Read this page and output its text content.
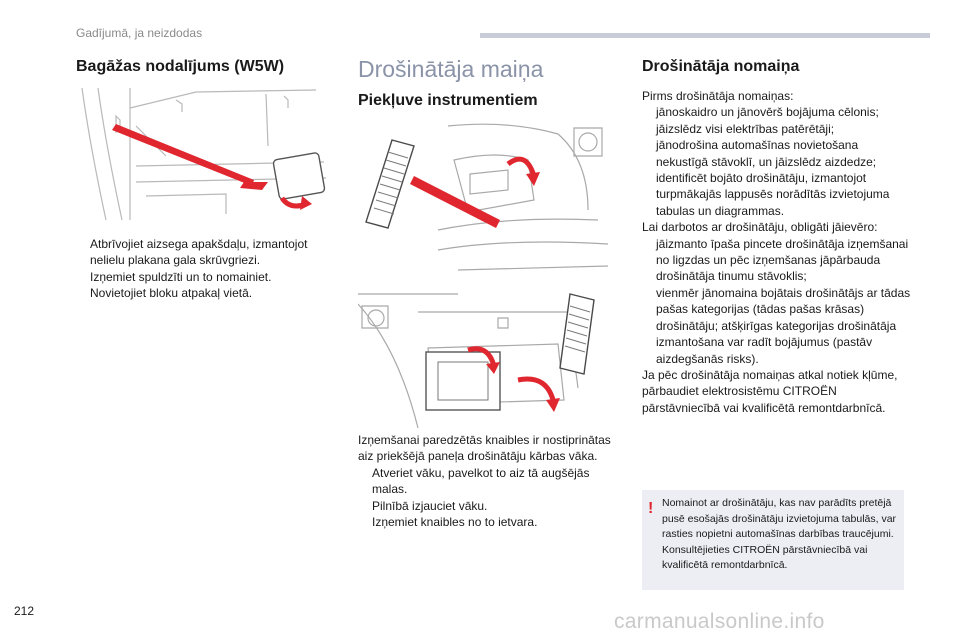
Gadījumā, ja neizdodas
Bagāžas nodalījums (W5W)
Atbrīvojiet aizsega apakšdaļu, izmantojot nelielu plakana gala skrūvgriezi.
Izņemiet spuldzīti un to nomainiet.
Novietojiet bloku atpakaļ vietā.
Drošinātāja maiņa
Piekļuve instrumentiem
Izņemšanai paredzētās knaibles ir nostiprinātas aiz priekšējā paneļa drošinātāju kārbas vāka.
Atveriet vāku, pavelkot to aiz tā augšējās malas.
Pilnībā izjauciet vāku.
Izņemiet knaibles no to ietvara.
Drošinātāja nomaiņa
Pirms drošinātāja nomaiņas:
jānoskaidro un jānovērš bojājuma cēlonis;
jāizslēdz visi elektrības patērētāji;
jānodrošina automašīnas novietošana nekustīgā stāvoklī, un jāizslēdz aizdedze;
identificēt bojāto drošinātāju, izmantojot turpmākajās lappusēs norādītās izvietojuma tabulas un diagrammas.
Lai darbotos ar drošinātāju, obligāti jāievēro:
jāizmanto īpaša pincete drošinātāja izņemšanai no ligzdas un pēc izņemšanas jāpārbauda drošinātāja tinumu stāvoklis;
vienmēr jānomaina bojātais drošinātājs ar tādas pašas kategorijas (tādas pašas krāsas) drošinātāju; atšķirīgas kategorijas drošinātāja izmantošana var radīt bojājumus (pastāv aizdegšanās risks).
Ja pēc drošinātāja nomaiņas atkal notiek kļūme, pārbaudiet elektrosistēmu CITROËN pārstāvniecībā vai kvalificētā remontdarbnīcā.
! Nomainot ar drošinātāju, kas nav parādīts pretējā pusē esošajās drošinātāju izvietojuma tabulās, var rasties nopietni automašīnas darbības traucējumi. Konsultējieties CITROËN pārstāvniecībā vai kvalificētā remontdarbnīcā.
212	carmanualsonline.info
